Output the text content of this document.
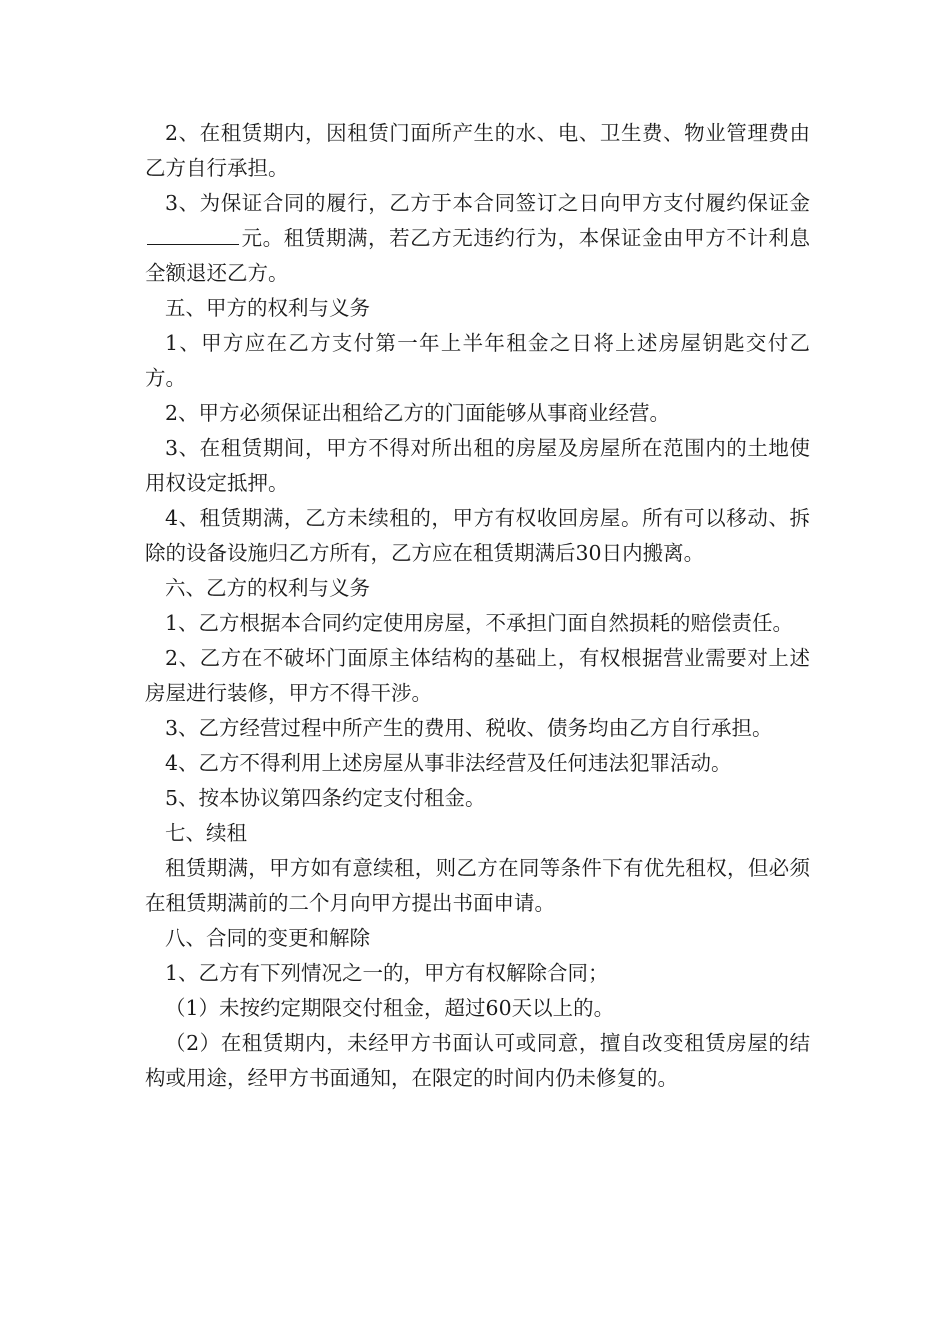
2、在租赁期内，因租赁门面所产生的水、电、卫生费、物业管理费由乙方自行承担。

3、为保证合同的履行，乙方于本合同签订之日向甲方支付履约保证金元。租赁期满，若乙方无违约行为，本保证金由甲方不计利息全额退还乙方。

五、甲方的权利与义务

1、甲方应在乙方支付第一年上半年租金之日将上述房屋钥匙交付乙方。

2、甲方必须保证出租给乙方的门面能够从事商业经营。

3、在租赁期间，甲方不得对所出租的房屋及房屋所在范围内的土地使用权设定抵押。

4、租赁期满，乙方未续租的，甲方有权收回房屋。所有可以移动、拆除的设备设施归乙方所有，乙方应在租赁期满后30日内搬离。

六、乙方的权利与义务

1、乙方根据本合同约定使用房屋，不承担门面自然损耗的赔偿责任。

2、乙方在不破坏门面原主体结构的基础上，有权根据营业需要对上述房屋进行装修，甲方不得干涉。

3、乙方经营过程中所产生的费用、税收、债务均由乙方自行承担。

4、乙方不得利用上述房屋从事非法经营及任何违法犯罪活动。

5、按本协议第四条约定支付租金。

七、续租

租赁期满，甲方如有意续租，则乙方在同等条件下有优先租权，但必须在租赁期满前的二个月向甲方提出书面申请。

八、合同的变更和解除

1、乙方有下列情况之一的，甲方有权解除合同；

（1）未按约定期限交付租金，超过60天以上的。

（2）在租赁期内，未经甲方书面认可或同意，擅自改变租赁房屋的结构或用途，经甲方书面通知，在限定的时间内仍未修复的。
